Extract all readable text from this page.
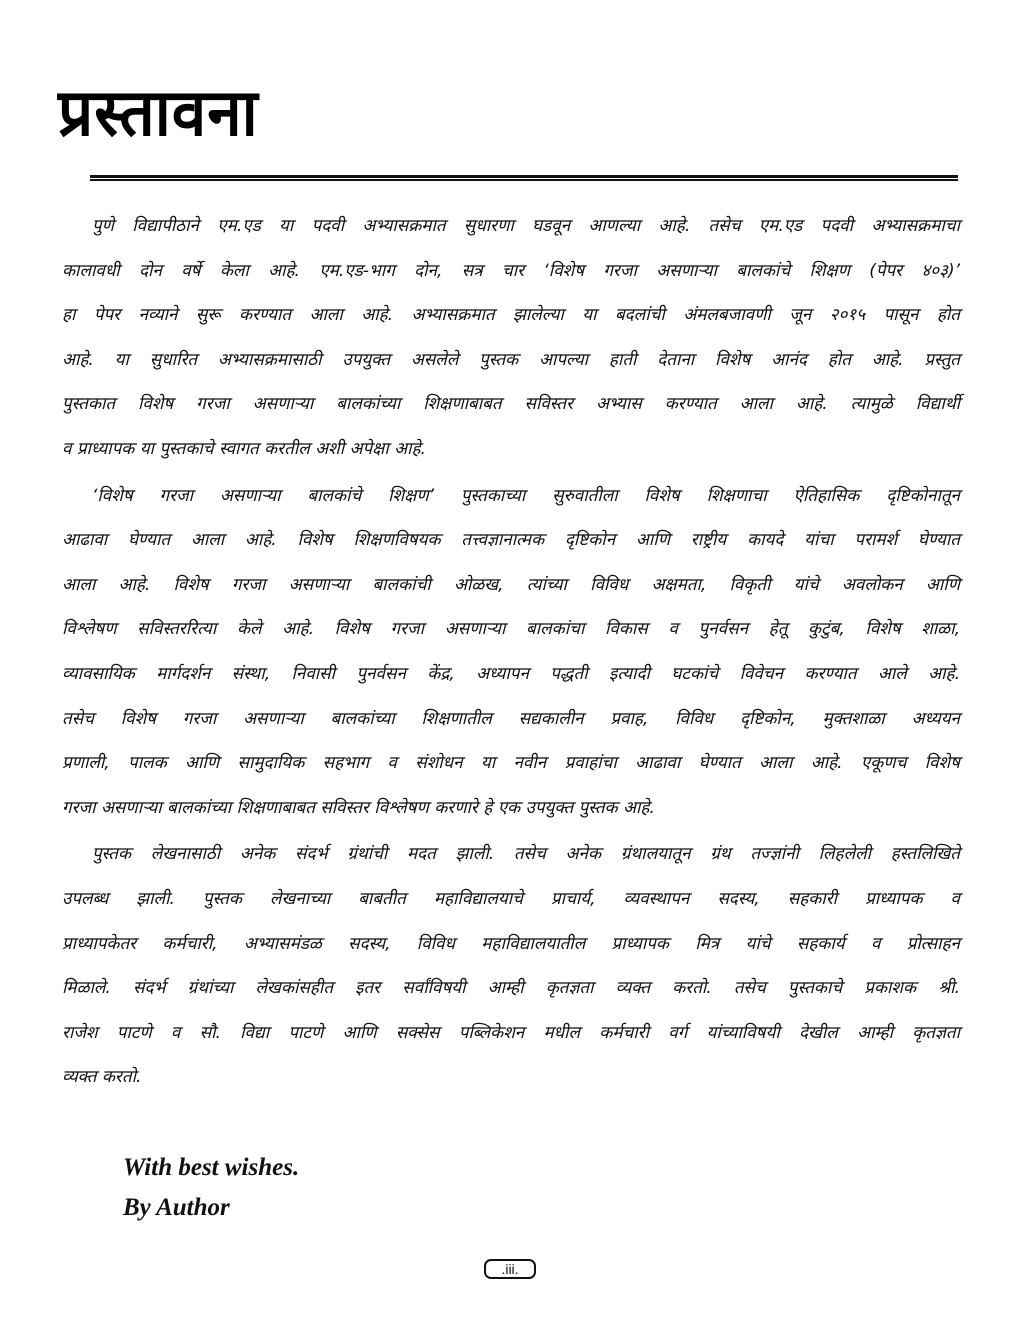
प्रस्तावना
पुणे विद्यापीठाने एम.एड या पदवी अभ्यासक्रमात सुधारणा घडवून आणल्या आहे. तसेच एम.एड पदवी अभ्यासक्रमाचा
कालावधी दोन वर्षे केला आहे. एम.एड-भाग दोन, सत्र चार ‘विशेष गरजा असणाऱ्या बालकांचे शिक्षण (पेपर ४०३)’
हा पेपर नव्याने सुरू करण्यात आला आहे. अभ्यासक्रमात झालेल्या या बदलांची अंमलबजावणी जून २०१५ पासून होत
आहे. या सुधारित अभ्यासक्रमासाठी उपयुक्त असलेले पुस्तक आपल्या हाती देताना विशेष आनंद होत आहे. प्रस्तुत
पुस्तकात विशेष गरजा असणाऱ्या बालकांच्या शिक्षणाबाबत सविस्तर अभ्यास करण्यात आला आहे. त्यामुळे विद्यार्थी
व प्राध्यापक या पुस्तकाचे स्वागत करतील अशी अपेक्षा आहे.
‘विशेष गरजा असणाऱ्या बालकांचे शिक्षण’ पुस्तकाच्या सुरुवातीला विशेष शिक्षणाचा ऐतिहासिक दृष्टिकोनातून
आढावा घेण्यात आला आहे. विशेष शिक्षणविषयक तत्त्वज्ञानात्मक दृष्टिकोन आणि राष्ट्रीय कायदे यांचा परामर्श घेण्यात
आला आहे. विशेष गरजा असणाऱ्या बालकांची ओळख, त्यांच्या विविध अक्षमता, विकृती यांचे अवलोकन आणि
विश्लेषण सविस्तररित्या केले आहे. विशेष गरजा असणाऱ्या बालकांचा विकास व पुनर्वसन हेतू कुटुंब, विशेष शाळा,
व्यावसायिक मार्गदर्शन संस्था, निवासी पुनर्वसन केंद्र, अध्यापन पद्धती इत्यादी घटकांचे विवेचन करण्यात आले आहे.
तसेच विशेष गरजा असणाऱ्या बालकांच्या शिक्षणातील सद्यकालीन प्रवाह, विविध दृष्टिकोन, मुक्तशाळा अध्ययन
प्रणाली, पालक आणि सामुदायिक सहभाग व संशोधन या नवीन प्रवाहांचा आढावा घेण्यात आला आहे. एकूणच विशेष
गरजा असणाऱ्या बालकांच्या शिक्षणाबाबत सविस्तर विश्लेषण करणारे हे एक उपयुक्त पुस्तक आहे.
पुस्तक लेखनासाठी अनेक संदर्भ ग्रंथांची मदत झाली. तसेच अनेक ग्रंथालयातून ग्रंथ तज्ज्ञांनी लिहलेली हस्तलिखिते
उपलब्ध झाली. पुस्तक लेखनाच्या बाबतीत महाविद्यालयाचे प्राचार्य, व्यवस्थापन सदस्य, सहकारी प्राध्यापक व
प्राध्यापकेतर कर्मचारी, अभ्यासमंडळ सदस्य, विविध महाविद्यालयातील प्राध्यापक मित्र यांचे सहकार्य व प्रोत्साहन
मिळाले. संदर्भ ग्रंथांच्या लेखकांसहीत इतर सर्वांविषयी आम्ही कृतज्ञता व्यक्त करतो. तसेच पुस्तकाचे प्रकाशक श्री.
राजेश पाटणे व सौ. विद्या पाटणे आणि सक्सेस पब्लिकेशन मधील कर्मचारी वर्ग यांच्याविषयी देखील आम्ही कृतज्ञता
व्यक्त करतो.
With best wishes.
By Author
.iii.
